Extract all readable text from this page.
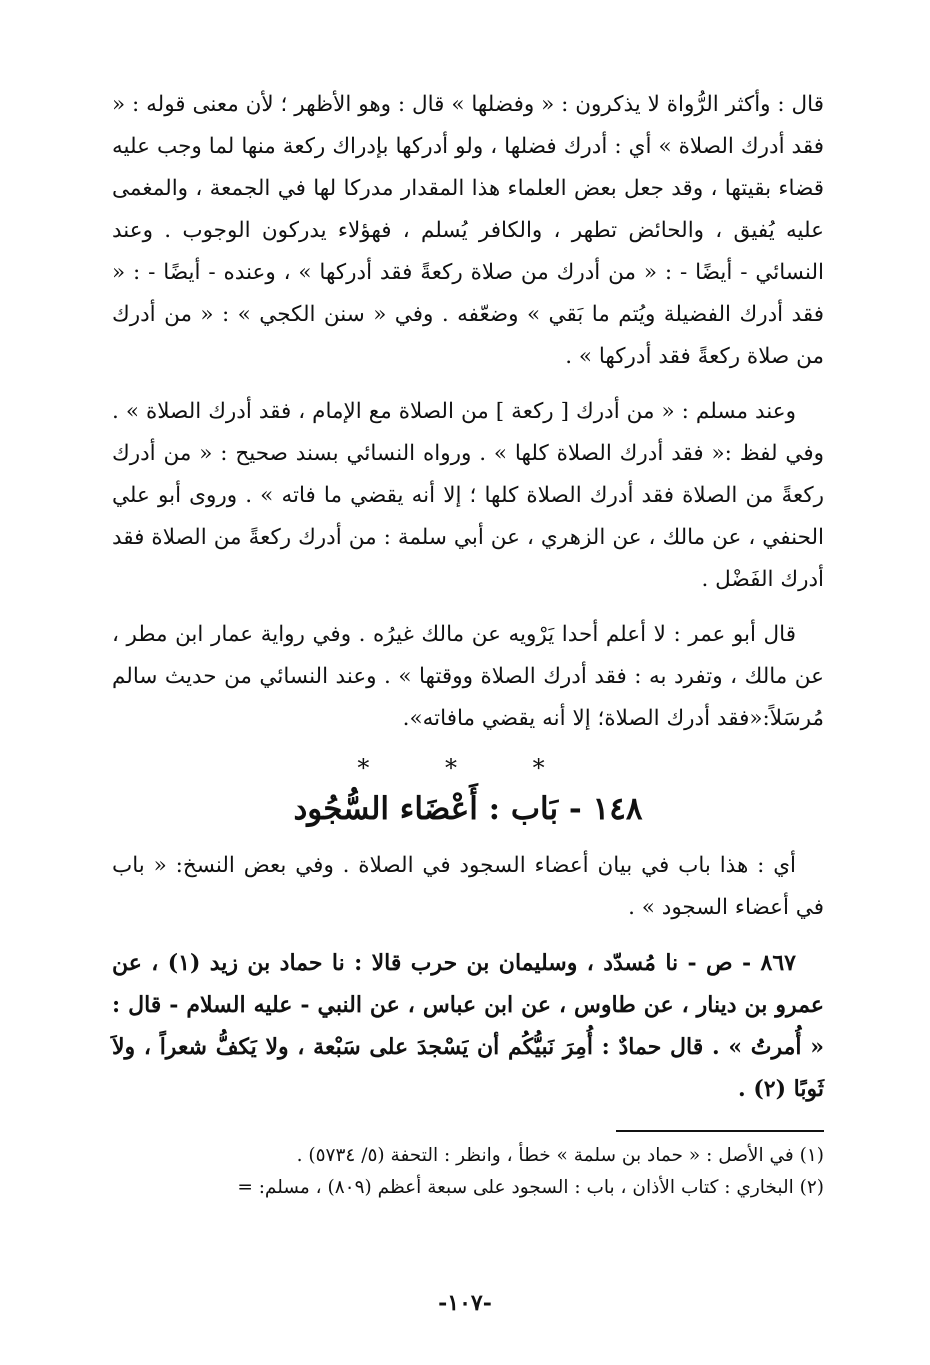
قال : وأكثر الرُّواة لا يذكرون : « وفضلها » قال : وهو الأظهر ؛ لأن معنى قوله : « فقد أدرك الصلاة » أي : أدرك فضلها ، ولو أدركها بإدراك ركعة منها لما وجب عليه قضاء بقيتها ، وقد جعل بعض العلماء هذا المقدار مدركا لها في الجمعة ، والمغمى عليه يُفيق ، والحائض تطهر ، والكافر يُسلم ، فهؤلاء يدركون الوجوب . وعند النسائي - أيضًا - : « من أدرك من صلاة ركعةً فقد أدركها » ، وعنده - أيضًا - : « فقد أدرك الفضيلة ويُتم ما بَقي » وضعّفه . وفي « سنن الكجي » : « من أدرك من صلاة ركعةً فقد أدركها » .

وعند مسلم : « من أدرك [ ركعة ] من الصلاة مع الإمام ، فقد أدرك الصلاة » . وفي لفظ :« فقد أدرك الصلاة كلها » . ورواه النسائي بسند صحيح : « من أدرك ركعةً من الصلاة فقد أدرك الصلاة كلها ؛ إلا أنه يقضي ما فاته » . وروى أبو علي الحنفي ، عن مالك ، عن الزهري ، عن أبي سلمة : من أدرك ركعةً من الصلاة فقد أدرك الفَضْل .

قال أبو عمر : لا أعلم أحدا يَرْويه عن مالك غيرُه . وفي رواية عمار ابن مطر ، عن مالك ، وتفرد به : فقد أدرك الصلاة ووقتها » . وعند النسائي من حديث سالم مُرسَلاً:«فقد أدرك الصلاة؛ إلا أنه يقضي مافاته».

* * *
١٤٨ - بَاب : أَعْضَاء السُّجُود

أي : هذا باب في بيان أعضاء السجود في الصلاة . وفي بعض النسخ: « باب في أعضاء السجود » .

٨٦٧ - ص - نا مُسدّد ، وسليمان بن حرب قالا : نا حماد بن زيد (١) ، عن عمرو بن دينار ، عن طاوس ، عن ابن عباس ، عن النبي - عليه السلام - قال : « أُمرتُ » . قال حمادٌ : أُمِرَ نَبيُّكُم أن يَسْجدَ على سَبْعة ، ولا يَكفُّ شعراً ، ولاَ ثَوبًا (٢) .

(١) في الأصل : « حماد بن سلمة » خطأ ، وانظر : التحفة (٥/ ٥٧٣٤) .

(٢) البخاري : كتاب الأذان ، باب : السجود على سبعة أعظم (٨٠٩) ، مسلم: =

-١٠٧-
